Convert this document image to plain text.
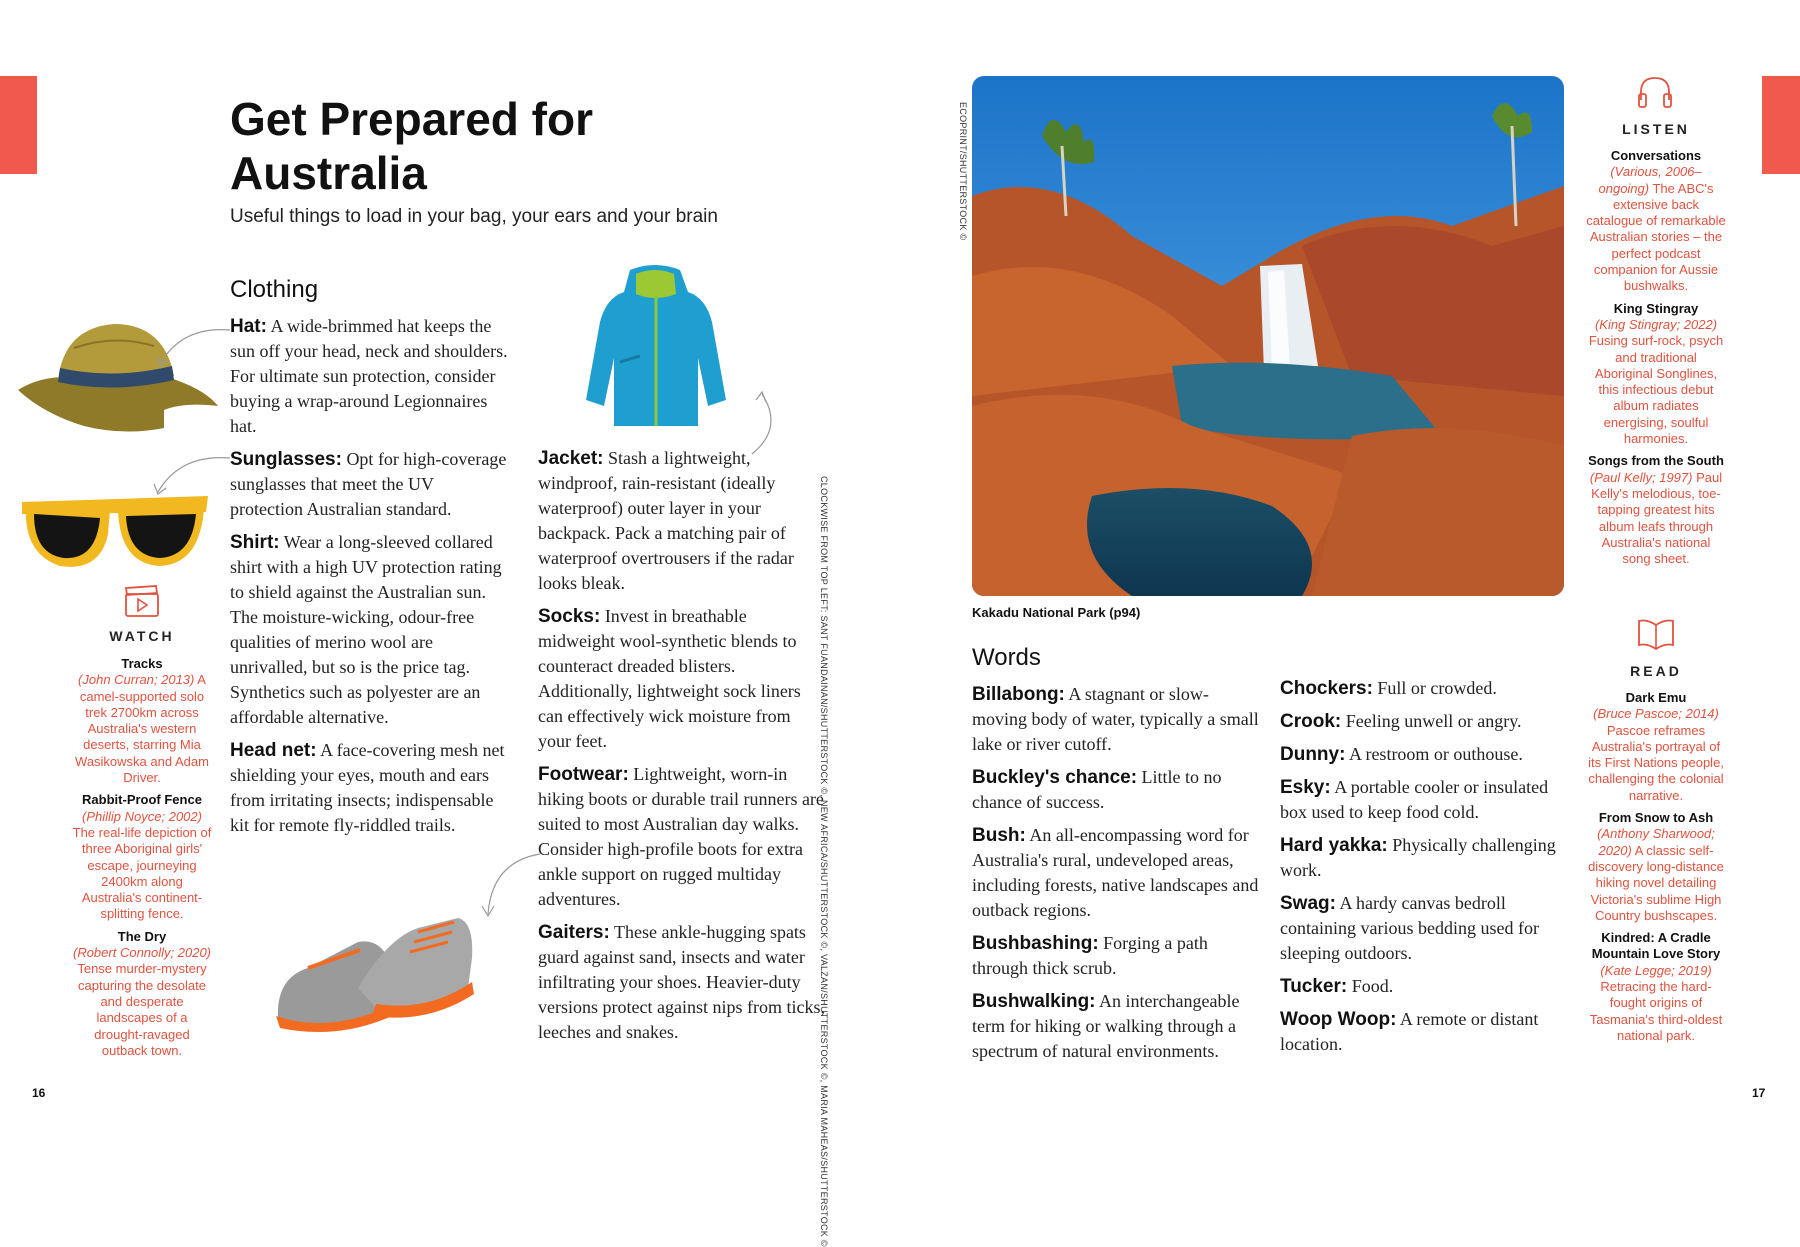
Get Prepared for Australia
Useful things to load in your bag, your ears and your brain
Clothing

Hat: A wide-brimmed hat keeps the sun off your head, neck and shoulders. For ultimate sun protection, consider buying a wrap-around Legionnaires hat.

Sunglasses: Opt for high-coverage sunglasses that meet the UV protection Australian standard.

Shirt: Wear a long-sleeved collared shirt with a high UV protection rating to shield against the Australian sun. The moisture-wicking, odour-free qualities of merino wool are unrivalled, but so is the price tag. Synthetics such as polyester are an affordable alternative.

Head net: A face-covering mesh net shielding your eyes, mouth and ears from irritating insects; indispensable kit for remote fly-riddled trails.

Jacket: Stash a lightweight, windproof, rain-resistant (ideally waterproof) outer layer in your backpack. Pack a matching pair of waterproof overtrousers if the radar looks bleak.

Socks: Invest in breathable midweight wool-synthetic blends to counteract dreaded blisters. Additionally, lightweight sock liners can effectively wick moisture from your feet.

Footwear: Lightweight, worn-in hiking boots or durable trail runners are suited to most Australian day walks. Consider high-profile boots for extra ankle support on rugged multiday adventures.

Gaiters: These ankle-hugging spats guard against sand, insects and water infiltrating your shoes. Heavier-duty versions protect against nips from ticks, leeches and snakes.

WATCH

Tracks
(John Curran; 2013) A camel-supported solo trek 2700km across Australia's western deserts, starring Mia Wasikowska and Adam Driver.

Rabbit-Proof Fence
(Phillip Noyce; 2002) The real-life depiction of three Aboriginal girls' escape, journeying 2400km along Australia's continent-splitting fence.

The Dry
(Robert Connolly; 2020) Tense murder-mystery capturing the desolate and desperate landscapes of a drought-ravaged outback town.	CLOCKWISE FROM TOP LEFT: SANT FUANDAINAN/SHUTTERSTOCK ©, NEW AFRICA/SHUTTERSTOCK ©, VALZAN/SHUTTERSTOCK ©, MARIA MAHEAS/SHUTTERSTOCK ©
16
ECOPRINT/SHUTTERSTOCK ©
Kakadu National Park (p94)
Words

Billabong: A stagnant or slow-moving body of water, typically a small lake or river cutoff.

Buckley's chance: Little to no chance of success.

Bush: An all-encompassing word for Australia's rural, undeveloped areas, including forests, native landscapes and outback regions.

Bushbashing: Forging a path through thick scrub.

Bushwalking: An interchangeable term for hiking or walking through a spectrum of natural environments.

Chockers: Full or crowded.

Crook: Feeling unwell or angry.

Dunny: A restroom or outhouse.

Esky: A portable cooler or insulated box used to keep food cold.

Hard yakka: Physically challenging work.

Swag: A hardy canvas bedroll containing various bedding used for sleeping outdoors.

Tucker: Food.

Woop Woop: A remote or distant location.

LISTEN

Conversations
(Various, 2006–ongoing) The ABC's extensive back catalogue of remarkable Australian stories – the perfect podcast companion for Aussie bushwalks.

King Stingray
(King Stingray; 2022) Fusing surf-rock, psych and traditional Aboriginal Songlines, this infectious debut album radiates energising, soulful harmonies.

Songs from the South
(Paul Kelly; 1997) Paul Kelly's melodious, toe-tapping greatest hits album leafs through Australia's national song sheet.

READ

Dark Emu
(Bruce Pascoe; 2014) Pascoe reframes Australia's portrayal of its First Nations people, challenging the colonial narrative.

From Snow to Ash
(Anthony Sharwood; 2020) A classic self-discovery long-distance hiking novel detailing Victoria's sublime High Country bushscapes.

Kindred: A Cradle Mountain Love Story
(Kate Legge; 2019) Retracing the hard-fought origins of Tasmania's third-oldest national park.

17
